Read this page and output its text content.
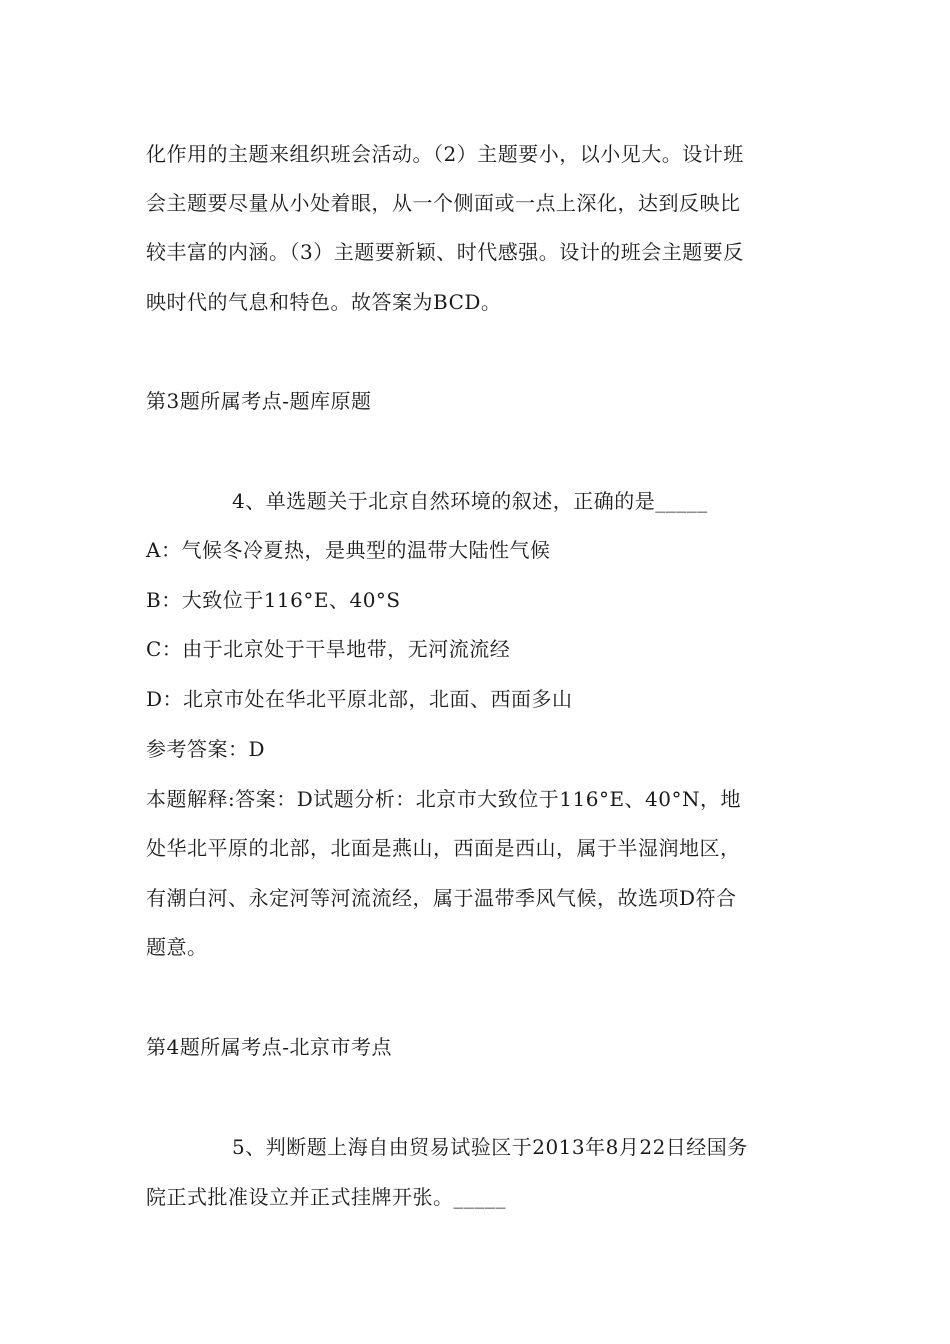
化作用的主题来组织班会活动。（2）主题要小，以小见大。设计班
会主题要尽量从小处着眼，从一个侧面或一点上深化，达到反映比
较丰富的内涵。（3）主题要新颖、时代感强。设计的班会主题要反
映时代的气息和特色。故答案为BCD。
第3题所属考点-题库原题
4、单选题关于北京自然环境的叙述，正确的是_____
A：气候冬冷夏热，是典型的温带大陆性气候
B：大致位于116°E、40°S
C：由于北京处于干旱地带，无河流流经
D：北京市处在华北平原北部，北面、西面多山
参考答案：D
本题解释:答案：D试题分析：北京市大致位于116°E、40°N，地
处华北平原的北部，北面是燕山，西面是西山，属于半湿润地区，
有潮白河、永定河等河流流经，属于温带季风气候，故选项D符合
题意。
第4题所属考点-北京市考点
5、判断题上海自由贸易试验区于2013年8月22日经国务
院正式批准设立并正式挂牌开张。_____
